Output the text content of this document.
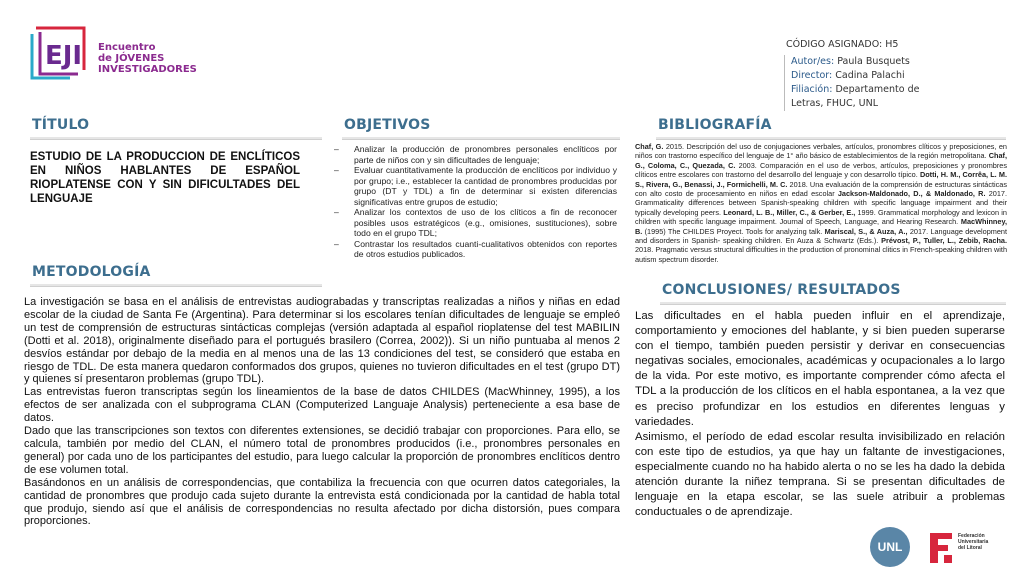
EJI Encuentro
de JÓVENES
INVESTIGADORES
CÓDIGO ASIGNADO: H5
Autor/es: Paula Busquets
Director: Cadina Palachi
Filiación: Departamento de Letras, FHUC, UNL
TÍTULO	OBJETIVOS	BIBLIOGRAFÍA
METODOLOGÍA
CONCLUSIONES/ RESULTADOS
ESTUDIO DE LA PRODUCCION DE ENCLÍTICOS EN NIÑOS HABLANTES DE ESPAÑOL RIOPLATENSE CON Y SIN DIFICULTADES DEL LENGUAJE
– Analizar la producción de pronombres personales enclíticos por parte de niños con y sin dificultades de lenguaje;
– Evaluar cuantitativamente la producción de enclíticos por individuo y por grupo; i.e., establecer la cantidad de pronombres producidas por grupo (DT y TDL) a fin de determinar si existen diferencias significativas entre grupos de estudio;
– Analizar los contextos de uso de los clíticos a fin de reconocer posibles usos estratégicos (e.g., omisiones, sustituciones), sobre todo en el grupo TDL;
– Contrastar los resultados cuanti-cualitativos obtenidos con reportes de otros estudios publicados.
Chaf, G. 2015. Descripción del uso de conjugaciones verbales, artículos, pronombres clíticos y preposiciones, en niños con trastorno específico del lenguaje de 1° año básico de establecimientos de la región metropolitana. Chaf, G., Coloma, C., Quezada, C. 2003. Comparación en el uso de verbos, artículos, preposiciones y pronombres clíticos entre escolares con trastorno del desarrollo del lenguaje y con desarrollo típico. Dotti, H. M., Corrêa, L. M. S., Rivera, G., Benassi, J., Formichelli, M. C. 2018. Una evaluación de la comprensión de estructuras sintácticas con alto costo de procesamiento en niños en edad escolar Jackson-Maldonado, D., & Maldonado, R. 2017. Grammaticality differences between Spanish-speaking children with specific language impairment and their typically developing peers. Leonard, L. B., Miller, C., & Gerber, E., 1999. Grammatical morphology and lexicon in children with specific language impairment. Journal of Speech, Language, and Hearing Research. MacWhinney, B. (1995) The CHILDES Proyect. Tools for analyzing talk. Mariscal, S., & Auza, A., 2017. Language development and disorders in Spanish- speaking children. En Auza & Schwartz (Eds.). Prévost, P., Tuller, L., Zebib, Racha. 2018. Pragmatic versus structural difficulties in the production of pronominal clitics in French-speaking children with autism spectrum disorder.

La investigación se basa en el análisis de entrevistas audiograbadas y transcriptas realizadas a niños y niñas en edad escolar de la ciudad de Santa Fe (Argentina). Para determinar si los escolares tenían dificultades de lenguaje se empleó un test de comprensión de estructuras sintácticas complejas (versión adaptada al español rioplatense del test MABILIN (Dotti et al. 2018), originalmente diseñado para el portugués brasilero (Correa, 2002)). Si un niño puntuaba al menos 2 desvíos estándar por debajo de la media en al menos una de las 13 condiciones del test, se consideró que estaba en riesgo de TDL. De esta manera quedaron conformados dos grupos, quienes no tuvieron dificultades en el test (grupo DT) y quienes sí presentaron problemas (grupo TDL).

Las entrevistas fueron transcriptas según los lineamientos de la base de datos CHILDES (MacWhinney, 1995), a los efectos de ser analizada con el subprograma CLAN (Computerized Languaje Analysis) perteneciente a esa base de datos.

Dado que las transcripciones son textos con diferentes extensiones, se decidió trabajar con proporciones. Para ello, se calcula, también por medio del CLAN, el número total de pronombres producidos (i.e., pronombres personales en general) por cada uno de los participantes del estudio, para luego calcular la proporción de pronombres enclíticos dentro de ese volumen total.

Basándonos en un análisis de correspondencias, que contabiliza la frecuencia con que ocurren datos categoriales, la cantidad de pronombres que produjo cada sujeto durante la entrevista está condicionada por la cantidad de habla total que produjo, siendo así que el análisis de correspondencias no resulta afectado por dicha distorsión, pues compara proporciones.

Las dificultades en el habla pueden influir en el aprendizaje, comportamiento y emociones del hablante, y si bien pueden superarse con el tiempo, también pueden persistir y derivar en consecuencias negativas sociales, emocionales, académicas y ocupacionales a lo largo de la vida. Por este motivo, es importante comprender cómo afecta el TDL a la producción de los clíticos en el habla espontanea, a la vez que es preciso profundizar en los estudios en diferentes lenguas y variedades.

Asimismo, el período de edad escolar resulta invisibilizado en relación con este tipo de estudios, ya que hay un faltante de investigaciones, especialmente cuando no ha habido alerta o no se les ha dado la debida atención durante la niñez temprana. Si se presentan dificultades de lenguaje en la etapa escolar, se las suele atribuir a problemas conductuales o de aprendizaje.

UNL
Federación
Universitaria
del Litoral
